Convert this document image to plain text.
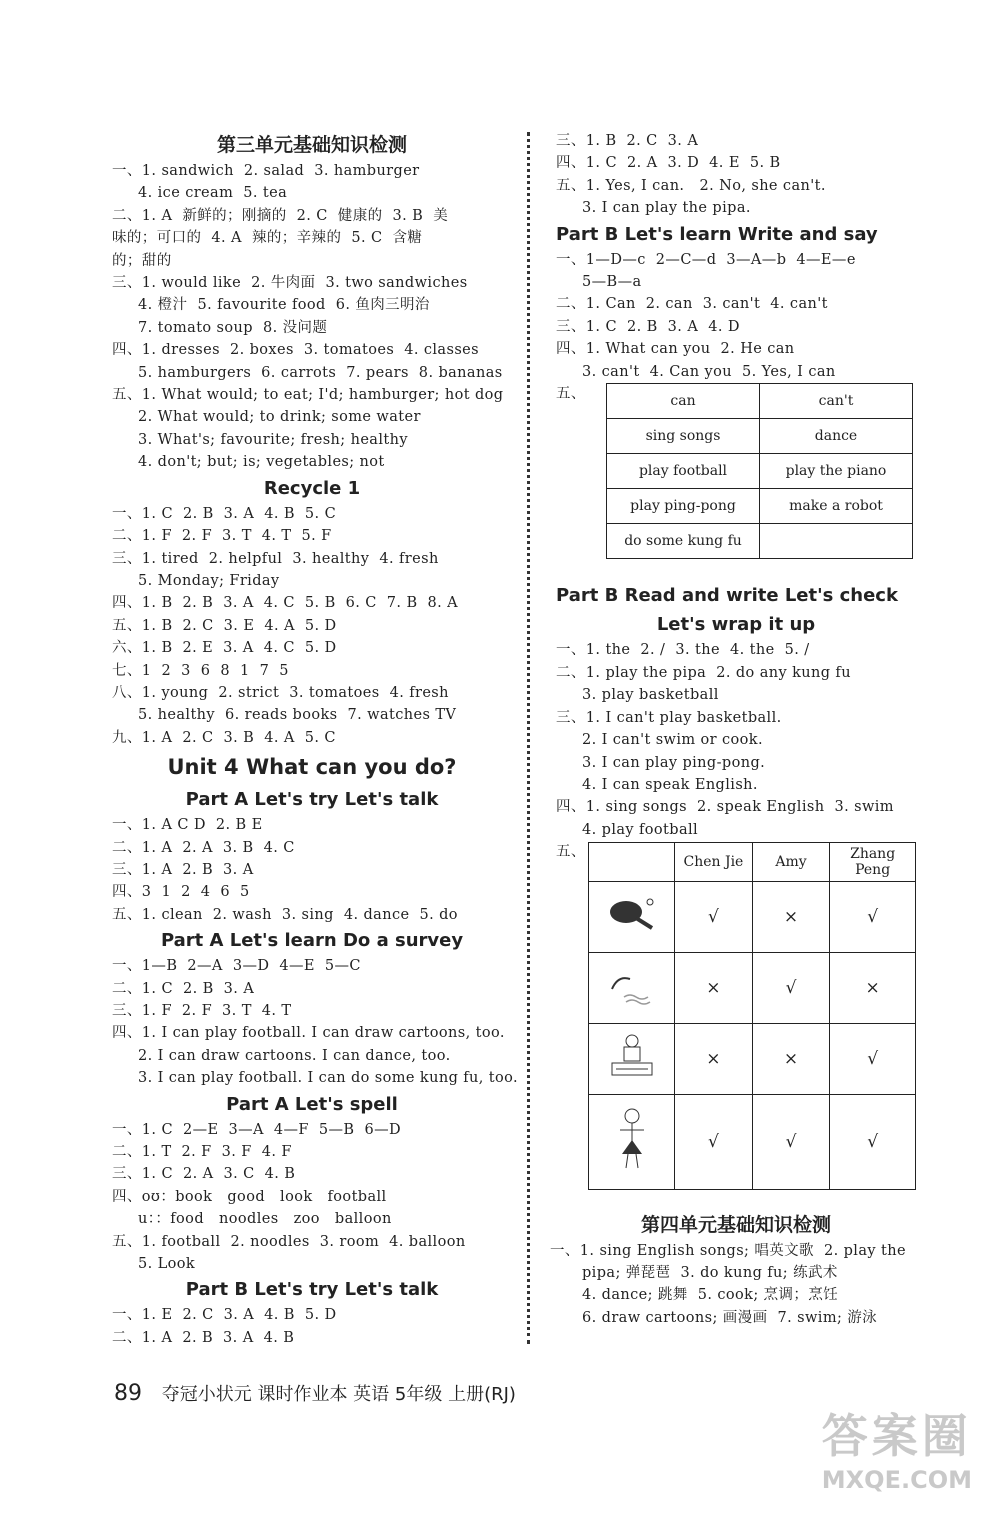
第三单元基础知识检测
一、1. sandwich  2. salad  3. hamburger
4. ice cream  5. tea
二、1. A  新鲜的；刚摘的  2. C  健康的  3. B  美
味的；可口的  4. A  辣的；辛辣的  5. C  含糖
的；甜的
三、1. would like  2. 牛肉面  3. two sandwiches
4. 橙汁  5. favourite food  6. 鱼肉三明治
7. tomato soup  8. 没问题
四、1. dresses  2. boxes  3. tomatoes  4. classes
5. hamburgers  6. carrots  7. pears  8. bananas
五、1. What would; to eat; I'd; hamburger; hot dog
2. What would; to drink; some water
3. What's; favourite; fresh; healthy
4. don't; but; is; vegetables; not
Recycle 1
一、1. C  2. B  3. A  4. B  5. C
二、1. F  2. F  3. T  4. T  5. F
三、1. tired  2. helpful  3. healthy  4. fresh
5. Monday; Friday
四、1. B  2. B  3. A  4. C  5. B  6. C  7. B  8. A
五、1. B  2. C  3. E  4. A  5. D
六、1. B  2. E  3. A  4. C  5. D
七、1  2  3  6  8  1  7  5
八、1. young  2. strict  3. tomatoes  4. fresh
5. healthy  6. reads books  7. watches TV
九、1. A  2. C  3. B  4. A  5. C
Unit 4 What can you do?
Part A Let's try Let's talk
一、1. A C D  2. B E
二、1. A  2. A  3. B  4. C
三、1. A  2. B  3. A
四、3  1  2  4  6  5
五、1. clean  2. wash  3. sing  4. dance  5. do
Part A Let's learn Do a survey
一、1—B  2—A  3—D  4—E  5—C
二、1. C  2. B  3. A
三、1. F  2. F  3. T  4. T
四、1. I can play football. I can draw cartoons, too.
2. I can draw cartoons. I can dance, too.
3. I can play football. I can do some kung fu, too.
Part A Let's spell
一、1. C  2—E  3—A  4—F  5—B  6—D
二、1. T  2. F  3. F  4. F
三、1. C  2. A  3. C  4. B
四、oʊ：book   good   look   football
u：：food   noodles   zoo   balloon
五、1. football  2. noodles  3. room  4. balloon
5. Look
Part B Let's try Let's talk
一、1. E  2. C  3. A  4. B  5. D
二、1. A  2. B  3. A  4. B
三、1. B  2. C  3. A
四、1. C  2. A  3. D  4. E  5. B
五、1. Yes, I can.   2. No, she can't.
3. I can play the pipa.
Part B Let's learn Write and say
一、1—D—c  2—C—d  3—A—b  4—E—e
5—B—a
二、1. Can  2. can  3. can't  4. can't
三、1. C  2. B  3. A  4. D
四、1. What can you  2. He can
3. can't  4. Can you  5. Yes, I can
五、	can	can't
sing songs	dance
play football	play the piano
play ping-pong	make a robot
do some kung fu	
Part B Read and write Let's check
Let's wrap it up
一、1. the  2. /  3. the  4. the  5. /
二、1. play the pipa  2. do any kung fu
3. play basketball
三、1. I can't play basketball.
2. I can't swim or cook.
3. I can play ping-pong.
4. I can speak English.
四、1. sing songs  2. speak English  3. swim
4. play football
五、
	Chen Jie	Amy	Zhang Peng
	√	×	√
	×	√	×
	×	×	√
	√	√	√
第四单元基础知识检测
一、1. sing English songs; 唱英文歌  2. play the
pipa; 弹琵琶  3. do kung fu; 练武术
4. dance; 跳舞  5. cook; 烹调；烹饪
6. draw cartoons; 画漫画  7. swim; 游泳
89 夺冠小状元 课时作业本 英语 5年级 上册(RJ)
答案圈
MXQE.COM
